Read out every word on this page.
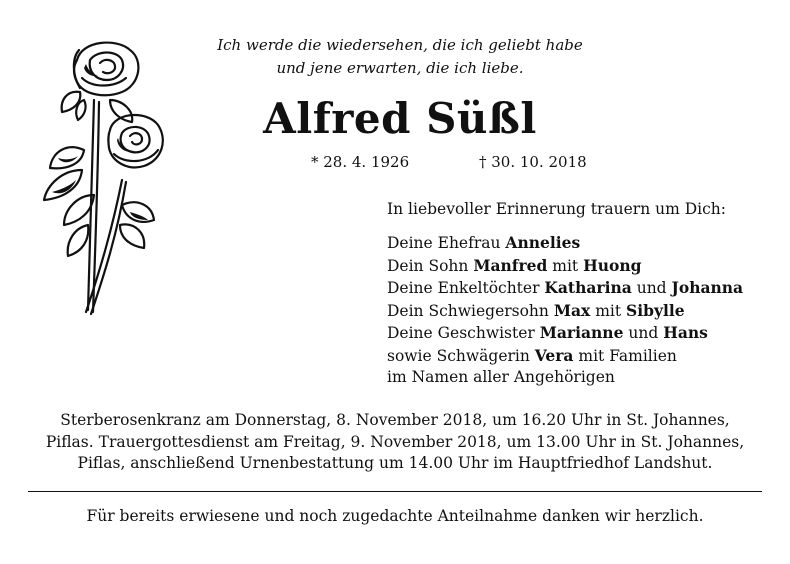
Ich werde die wiedersehen, die ich geliebt habe
und jene erwarten, die ich liebe.
Alfred Süßl
* 28. 4. 1926	† 30. 10. 2018
In liebevoller Erinnerung trauern um Dich:
Deine Ehefrau Annelies
Dein Sohn Manfred mit Huong
Deine Enkeltöchter Katharina und Johanna
Dein Schwiegersohn Max mit Sibylle
Deine Geschwister Marianne und Hans
sowie Schwägerin Vera mit Familien
im Namen aller Angehörigen
Sterberosenkranz am Donnerstag, 8. November 2018, um 16.20 Uhr in St. Johannes,
Piflas. Trauergottesdienst am Freitag, 9. November 2018, um 13.00 Uhr in St. Johannes,
Piflas, anschließend Urnenbestattung um 14.00 Uhr im Hauptfriedhof Landshut.
Für bereits erwiesene und noch zugedachte Anteilnahme danken wir herzlich.
